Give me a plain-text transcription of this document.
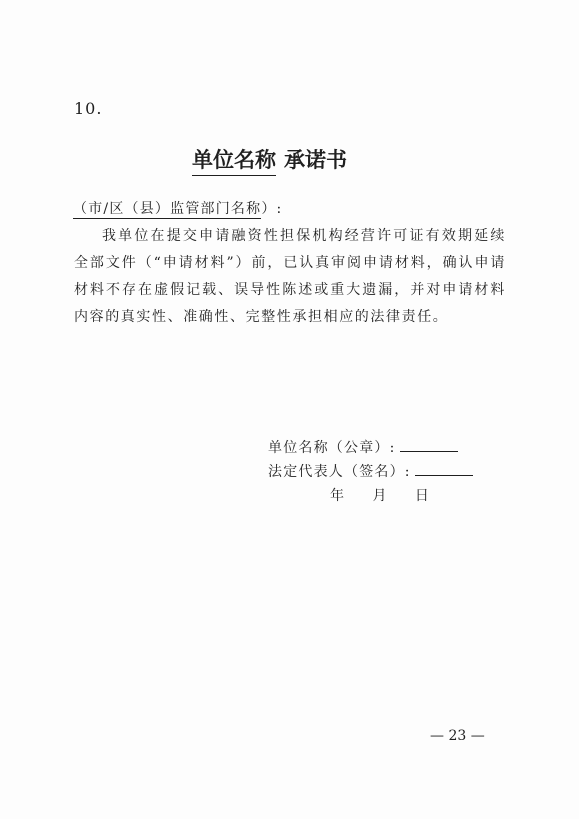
10.
单位名称 承诺书
（市/区（县）监管部门名称）:
我单位在提交申请融资性担保机构经营许可证有效期延续全部文件（“申请材料”）前，已认真审阅申请材料，确认申请材料不存在虚假记载、误导性陈述或重大遗漏，并对申请材料内容的真实性、准确性、完整性承担相应的法律责任。
单位名称（公章）:
法定代表人（签名）:
年 月 日
— 23 —
